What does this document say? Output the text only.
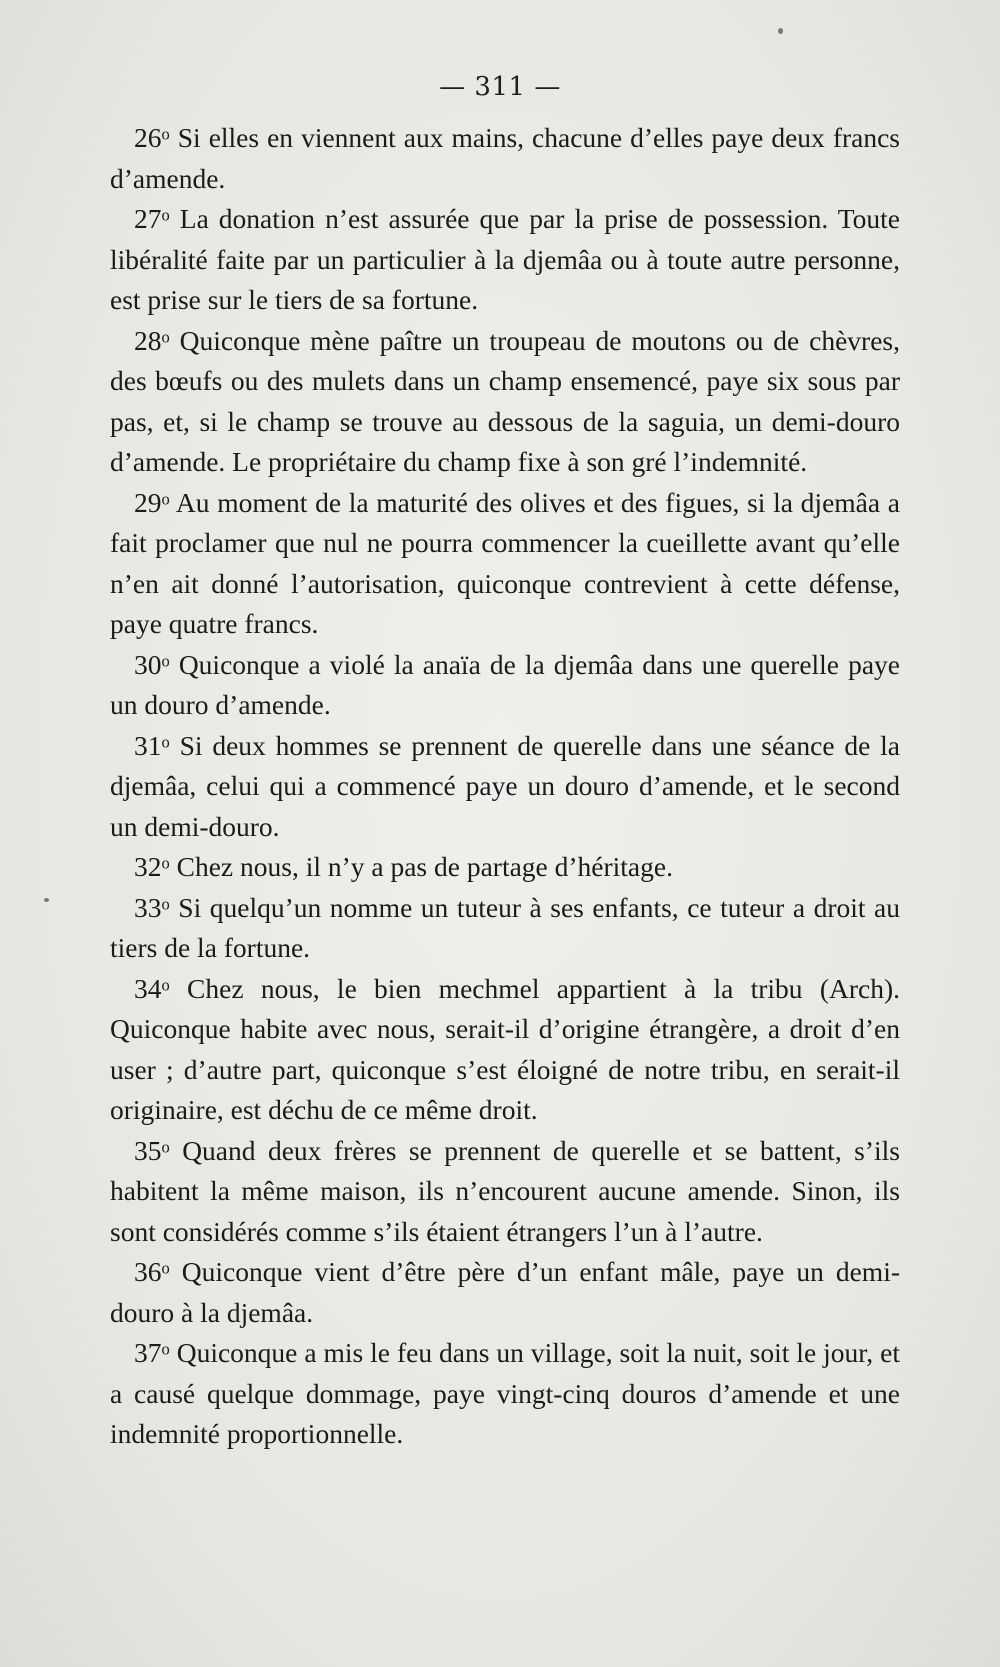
— 311 —

26$^o$ Si elles en viennent aux mains, chacune d’elles paye deux francs d’amende.

27$^o$ La donation n’est assurée que par la prise de possession. Toute libéralité faite par un particulier à la djemâa ou à toute autre personne, est prise sur le tiers de sa fortune.

28$^o$ Quiconque mène paître un troupeau de moutons ou de chèvres, des bœufs ou des mulets dans un champ ensemencé, paye six sous par pas, et, si le champ se trouve au dessous de la saguia, un demi-douro d’amende. Le propriétaire du champ fixe à son gré l’indemnité.

29$^o$ Au moment de la maturité des olives et des figues, si la djemâa a fait proclamer que nul ne pourra commencer la cueillette avant qu’elle n’en ait donné l’autorisation, quiconque contrevient à cette défense, paye quatre francs.

30$^o$ Quiconque a violé la anaïa de la djemâa dans une querelle paye un douro d’amende.

31$^o$ Si deux hommes se prennent de querelle dans une séance de la djemâa, celui qui a commencé paye un douro d’amende, et le second un demi-douro.

32$^o$ Chez nous, il n’y a pas de partage d’héritage.

33$^o$ Si quelqu’un nomme un tuteur à ses enfants, ce tuteur a droit au tiers de la fortune.

34$^o$ Chez nous, le bien mechmel appartient à la tribu (Arch). Quiconque habite avec nous, serait-il d’origine étrangère, a droit d’en user ; d’autre part, quiconque s’est éloigné de notre tribu, en serait-il originaire, est déchu de ce même droit.

35$^o$ Quand deux frères se prennent de querelle et se battent, s’ils habitent la même maison, ils n’encourent aucune amende. Sinon, ils sont considérés comme s’ils étaient étrangers l’un à l’autre.

36$^o$ Quiconque vient d’être père d’un enfant mâle, paye un demi-douro à la djemâa.

37$^o$ Quiconque a mis le feu dans un village, soit la nuit, soit le jour, et a causé quelque dommage, paye vingt-cinq douros d’amende et une indemnité proportionnelle.
